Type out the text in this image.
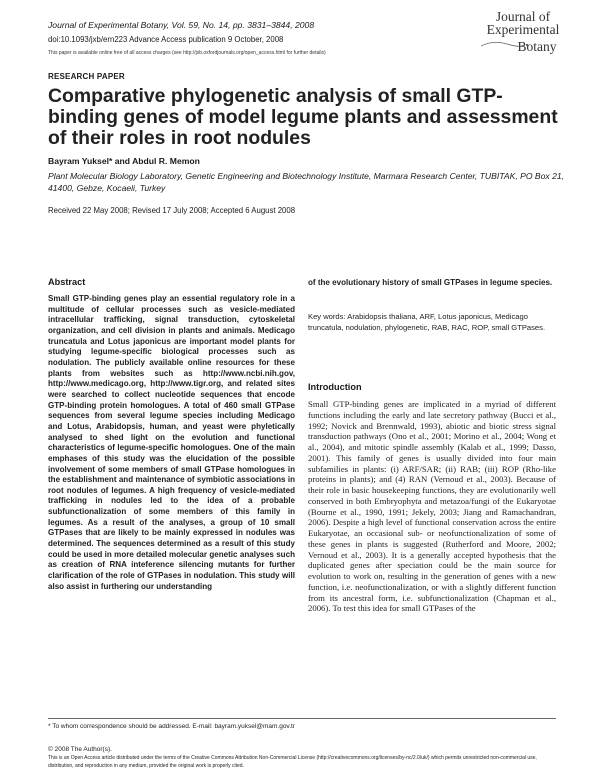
Journal of Experimental Botany, Vol. 59, No. 14, pp. 3831–3844, 2008
doi:10.1093/jxb/ern223 Advance Access publication 9 October, 2008
This paper is available online free of all access charges (see http://jxb.oxfordjournals.org/open_access.html for further details)
Journal of
Experimental
Botany
RESEARCH PAPER
Comparative phylogenetic analysis of small GTP-binding genes of model legume plants and assessment of their roles in root nodules
Bayram Yuksel* and Abdul R. Memon
Plant Molecular Biology Laboratory, Genetic Engineering and Biotechnology Institute, Marmara Research Center, TUBITAK, PO Box 21, 41400, Gebze, Kocaeli, Turkey
Received 22 May 2008; Revised 17 July 2008; Accepted 6 August 2008
Abstract
Small GTP-binding genes play an essential regulatory role in a multitude of cellular processes such as vesicle-mediated intracellular trafficking, signal transduction, cytoskeletal organization, and cell division in plants and animals. Medicago truncatula and Lotus japonicus are important model plants for studying legume-specific biological processes such as nodulation. The publicly available online resources for these plants from websites such as http://www.ncbi.nih.gov, http://www.medicago.org, http://www.tigr.org, and related sites were searched to collect nucleotide sequences that encode GTP-binding protein homologues. A total of 460 small GTPase sequences from several legume species including Medicago and Lotus, Arabidopsis, human, and yeast were phyletically analysed to shed light on the evolution and functional characteristics of legume-specific homologues. One of the main emphases of this study was the elucidation of the possible involvement of some members of small GTPase homologues in the establishment and maintenance of symbiotic associations in root nodules of legumes. A high frequency of vesicle-mediated trafficking in nodules led to the idea of a probable subfunctionalization of some members of this family in legumes. As a result of the analyses, a group of 10 small GTPases that are likely to be mainly expressed in nodules was determined. The sequences determined as a result of this study could be used in more detailed molecular genetic analyses such as creation of RNA inteference silencing mutants for further clarification of the role of GTPases in nodulation. This study will also assist in furthering our understanding
of the evolutionary history of small GTPases in legume species.
Key words: Arabidopsis thaliana, ARF, Lotus japonicus, Medicago truncatula, nodulation, phylogenetic, RAB, RAC, ROP, small GTPases.
Introduction
Small GTP-binding genes are implicated in a myriad of different functions including the early and late secretory pathway (Bucci et al., 1992; Novick and Brennwald, 1993), abiotic and biotic stress signal transduction pathways (Ono et al., 2001; Morino et al., 2004; Wong et al., 2004), and mitotic spindle assembly (Kalab et al., 1999; Dasso, 2001). This family of genes is usually divided into four main subfamilies in plants: (i) ARF/SAR; (ii) RAB; (iii) ROP (Rho-like proteins in plants); and (4) RAN (Vernoud et al., 2003). Because of their role in basic housekeeping functions, they are evolutionarily well conserved in both Embryophyta and metazoa/fungi of the Eukaryotae (Bourne et al., 1990, 1991; Jekely, 2003; Jiang and Ramachandran, 2006). Despite a high level of functional conservation across the entire Eukaryotae, an occasional sub- or neofunctionalization of some of these genes in plants is suggested (Rutherford and Moore, 2002; Vernoud et al., 2003). It is a generally accepted hypothesis that the duplicated genes after speciation could be the main source for evolution to work on, resulting in the generation of genes with a new function, i.e. neofunctionalization, or with a slightly different function from its ancestral form, i.e. subfunctionalization (Chapman et al., 2006). To test this idea for small GTPases of the
* To whom correspondence should be addressed. E-mail: bayram.yuksel@mam.gov.tr
© 2008 The Author(s).
This is an Open Access article distributed under the terms of the Creative Commons Attribution Non-Commercial License (http://creativecommons.org/licenses/by-nc/2.0/uk/) which permits unrestricted non-commercial use, distribution, and reproduction in any medium, provided the original work is properly cited.
